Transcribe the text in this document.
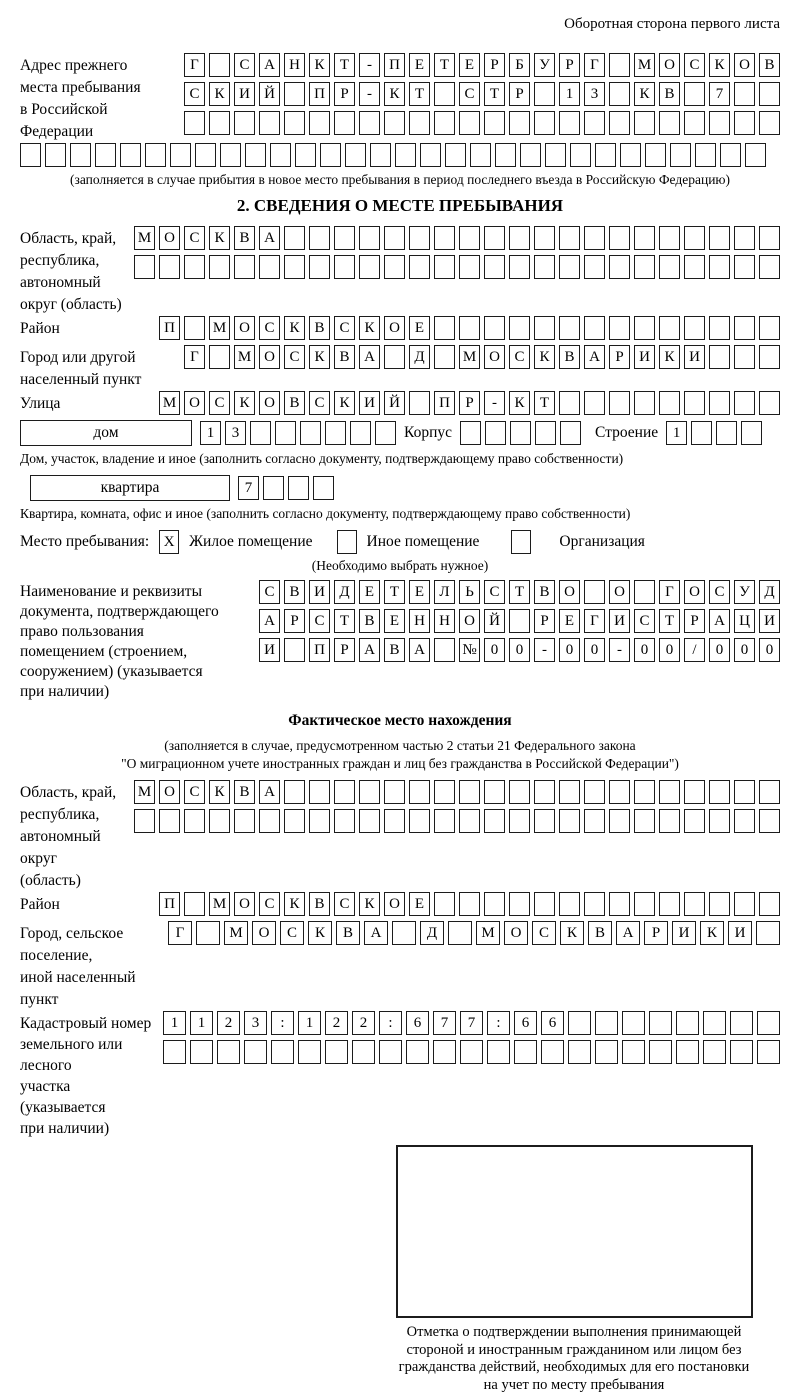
Оборотная сторона первого листа
Адрес прежнего
места пребывания
в Российской
Федерации
Г	С А Н К	Т	-	П Е	Т	Е	Р	Б	У	Р	Г	М О С К О В
С К И Й	П	Р	-	К	Т	С	Т	Р	1	3	К В	7
(заполняется в случае прибытия в новое место пребывания в период последнего въезда в Российскую Федерацию)
2. СВЕДЕНИЯ О МЕСТЕ ПРЕБЫВАНИЯ
Область, край,
республика,
автономный
округ (область)
М О С К В А
Район	П	М О С К В С К О Е
Город или другой
населенный пункт
Г	М О С К В А	Д	М О С К В А	Р	И К И
Улица	М О С К О В С К И Й	П	Р	-	К	Т
дом	1	3	Корпус	Строение 1
Дом, участок, владение и иное (заполнить согласно документу, подтверждающему право собственности)
квартира	7
Квартира, комната, офис и иное (заполнить согласно документу, подтверждающему право собственности)
Место пребывания: X Жилое помещение	Иное помещение	Организация
(Необходимо выбрать нужное)
Наименование и реквизиты
документа, подтверждающего
право пользования
помещением (строением,
сооружением) (указывается
при наличии)
С В И Д	Е	Т	Е	Л	Ь	С	Т	В О	О	Г	О С У Д
А	Р	С	Т	В	Е	Н Н О Й	Р	Е	Г	И С	Т	Р	А Ц И
И	П	Р	А В А	№ 0	0	-	0	0	-	0	0	/	0	0	0
Фактическое место нахождения
(заполняется в случае, предусмотренном частью 2 статьи 21 Федерального закона
"О миграционном учете иностранных граждан и лиц без гражданства в Российской Федерации")
Область, край,
республика,
автономный округ
(область)
М О С К В А
Район	П	М О С К В С К О Е
Город, сельское поселение,
иной населенный пункт
Г	М	О	С	К	В	А	Д	М	О	С	К	В	А	Р	И	К	И
Кадастровый номер
земельного или лесного
участка (указывается
при наличии)
1	1	2	3	:	1	2	2	:	6	7	7	:	6	6
Отметка о подтверждении выполнения принимающей
стороной и иностранным гражданином или лицом без
гражданства действий, необходимых для его постановки
на учет по месту пребывания
